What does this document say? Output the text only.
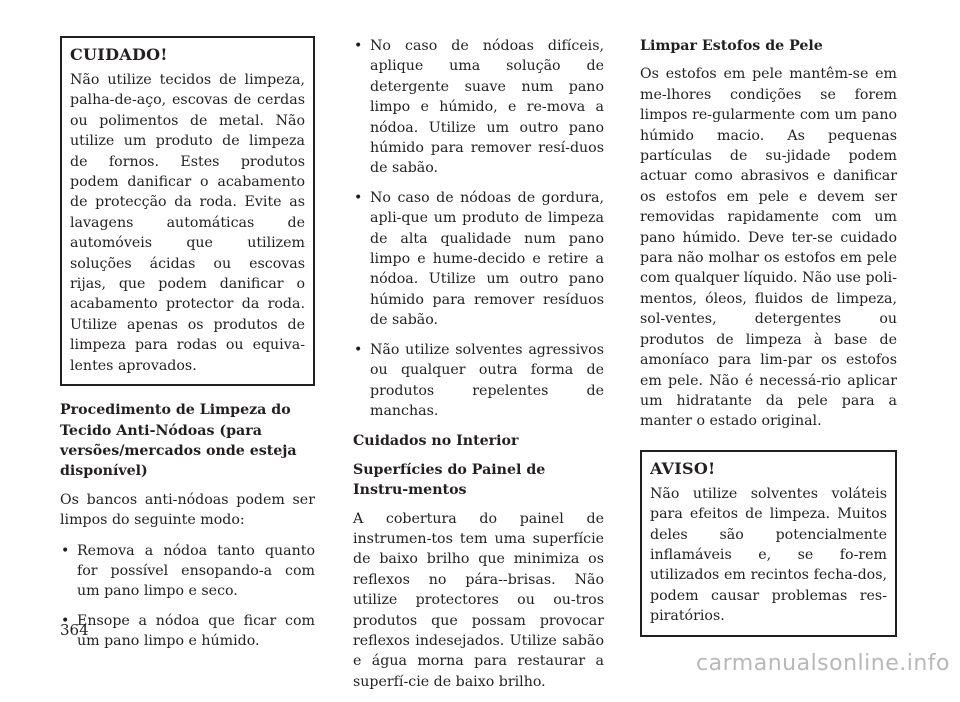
CUIDADO!

Não utilize tecidos de limpeza, palha-de-aço, escovas de cerdas ou polimentos de metal. Não utilize um produto de limpeza de fornos. Estes produtos podem danificar o acabamento de protecção da roda. Evite as lavagens automáticas de automóveis que utilizem soluções ácidas ou escovas rijas, que podem danificar o acabamento protector da roda. Utilize apenas os produtos de limpeza para rodas ou equiva-lentes aprovados.

Procedimento de Limpeza do Tecido Anti-Nódoas (para versões/mercados onde esteja disponível)

Os bancos anti-nódoas podem ser limpos do seguinte modo:

• Remova a nódoa tanto quanto for possível ensopando-a com um pano limpo e seco.
• Ensope a nódoa que ficar com um pano limpo e húmido.
• No caso de nódoas difíceis, aplique uma solução de detergente suave num pano limpo e húmido, e re-mova a nódoa. Utilize um outro pano húmido para remover resí-duos de sabão.
• No caso de nódoas de gordura, apli-que um produto de limpeza de alta qualidade num pano limpo e hume-decido e retire a nódoa. Utilize um outro pano húmido para remover resíduos de sabão.
• Não utilize solventes agressivos ou qualquer outra forma de produtos repelentes de manchas.
Cuidados no Interior
Superfícies do Painel de Instru-mentos

A cobertura do painel de instrumen-tos tem uma superfície de baixo brilho que minimiza os reflexos no pára--brisas. Não utilize protectores ou ou-tros produtos que possam provocar reflexos indesejados. Utilize sabão e água morna para restaurar a superfí-cie de baixo brilho.

Limpar Estofos de Pele

Os estofos em pele mantêm-se em me-lhores condições se forem limpos re-gularmente com um pano húmido macio. As pequenas partículas de su-jidade podem actuar como abrasivos e danificar os estofos em pele e devem ser removidas rapidamente com um pano húmido. Deve ter-se cuidado para não molhar os estofos em pele com qualquer líquido. Não use poli-mentos, óleos, fluidos de limpeza, sol-ventes, detergentes ou produtos de limpeza à base de amoníaco para lim-par os estofos em pele. Não é necessá-rio aplicar um hidratante da pele para a manter o estado original.

AVISO!

Não utilize solventes voláteis para efeitos de limpeza. Muitos deles são potencialmente inflamáveis e, se fo-rem utilizados em recintos fecha-dos, podem causar problemas res-piratórios.

364
carmanualsonline.info
